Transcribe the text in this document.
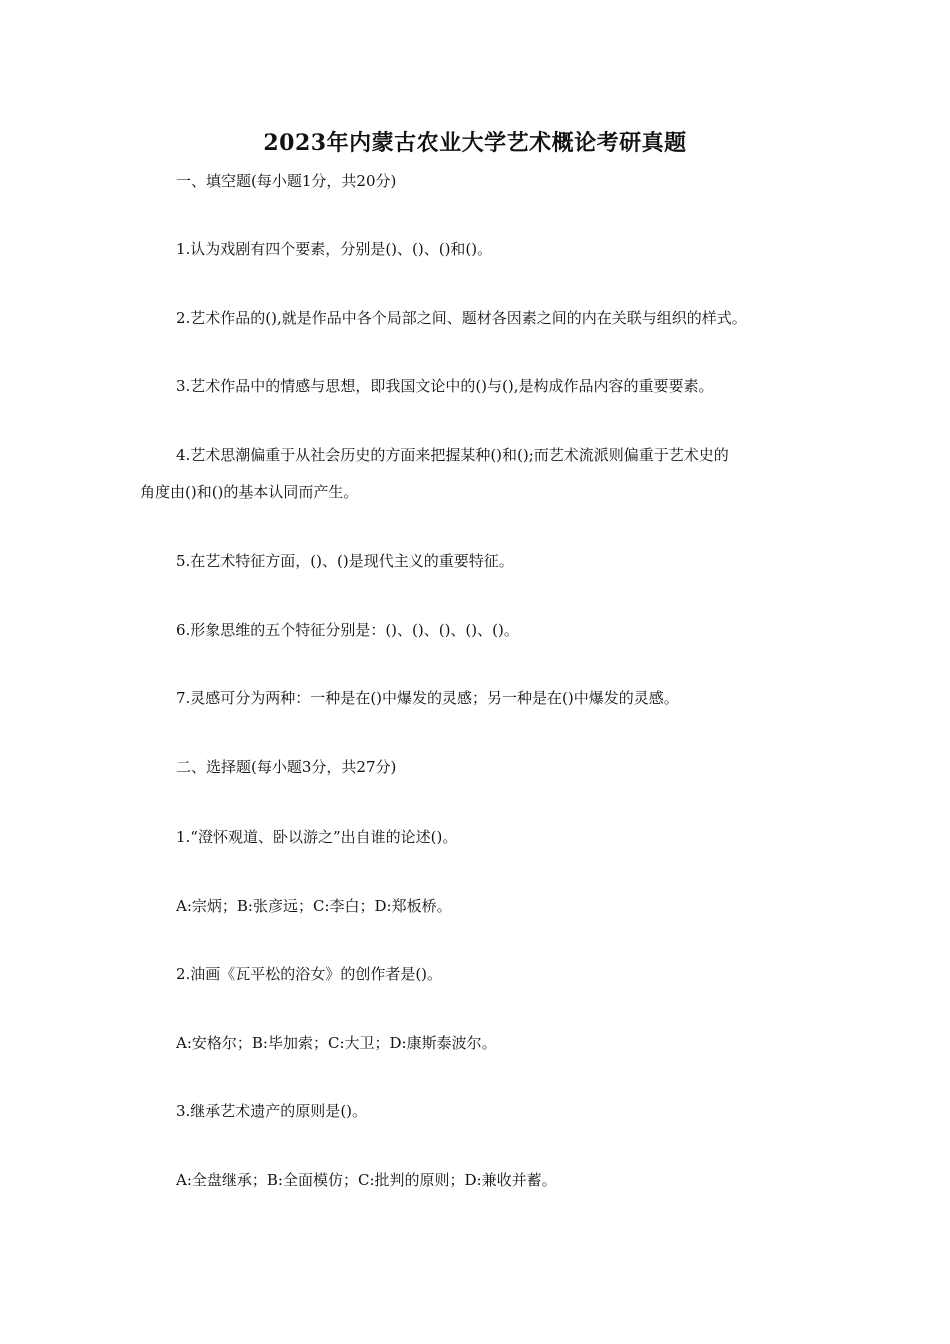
2023年内蒙古农业大学艺术概论考研真题
一、填空题(每小题1分，共20分)
1.认为戏剧有四个要素，分别是()、()、()和()。
2.艺术作品的(),就是作品中各个局部之间、题材各因素之间的内在关联与组织的样式。
3.艺术作品中的情感与思想，即我国文论中的()与(),是构成作品内容的重要要素。
4.艺术思潮偏重于从社会历史的方面来把握某种()和();而艺术流派则偏重于艺术史的
角度由()和()的基本认同而产生。
5.在艺术特征方面，()、()是现代主义的重要特征。
6.形象思维的五个特征分别是：()、()、()、()、()。
7.灵感可分为两种：一种是在()中爆发的灵感；另一种是在()中爆发的灵感。
二、选择题(每小题3分，共27分)
1.“澄怀观道、卧以游之”出自谁的论述()。
A:宗炳；B:张彦远；C:李白；D:郑板桥。
2.油画《瓦平松的浴女》的创作者是()。
A:安格尔；B:毕加索；C:大卫；D:康斯泰波尔。
3.继承艺术遗产的原则是()。
A:全盘继承；B:全面模仿；C:批判的原则；D:兼收并蓄。
